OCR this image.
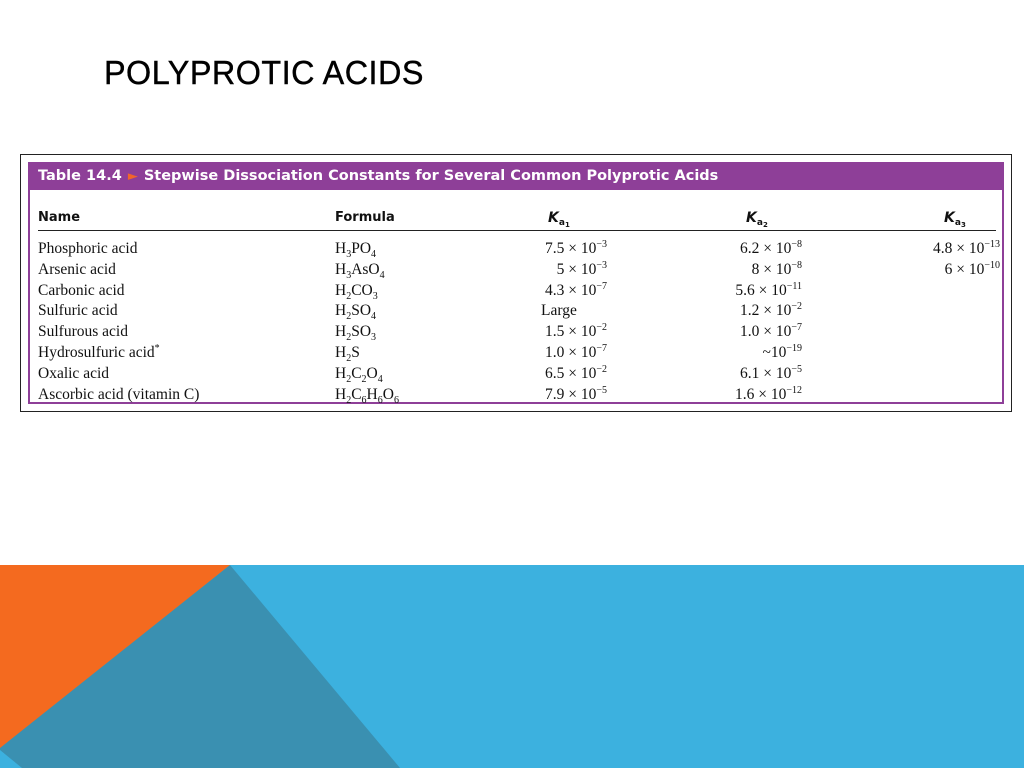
POLYPROTIC ACIDS
Table 14.4 ► Stepwise Dissociation Constants for Several Common Polyprotic Acids
Name	Formula	$K_{a_1}$	$K_{a_2}$	$K_{a_3}$
Phosphoric acid	$H_3PO_4$	$7.5 \times 10^{-3}$	$6.2 \times 10^{-8}$	$4.8 \times 10^{-13}$
Arsenic acid	$H_3AsO_4$	$5 \times 10^{-3}$	$8 \times 10^{-8}$	$6 \times 10^{-10}$
Carbonic acid	$H_2CO_3$	$4.3 \times 10^{-7}$	$5.6 \times 10^{-11}$
Sulfuric acid	$H_2SO_4$	Large	$1.2 \times 10^{-2}$
Sulfurous acid	$H_2SO_3$	$1.5 \times 10^{-2}$	$1.0 \times 10^{-7}$
Hydrosulfuric acid*	$H_2S$	$1.0 \times 10^{-7}$	$\sim 10^{-19}$
Oxalic acid	$H_2C_2O_4$	$6.5 \times 10^{-2}$	$6.1 \times 10^{-5}$
Ascorbic acid (vitamin C)	$H_2C_6H_6O_6$	$7.9 \times 10^{-5}$	$1.6 \times 10^{-12}$
